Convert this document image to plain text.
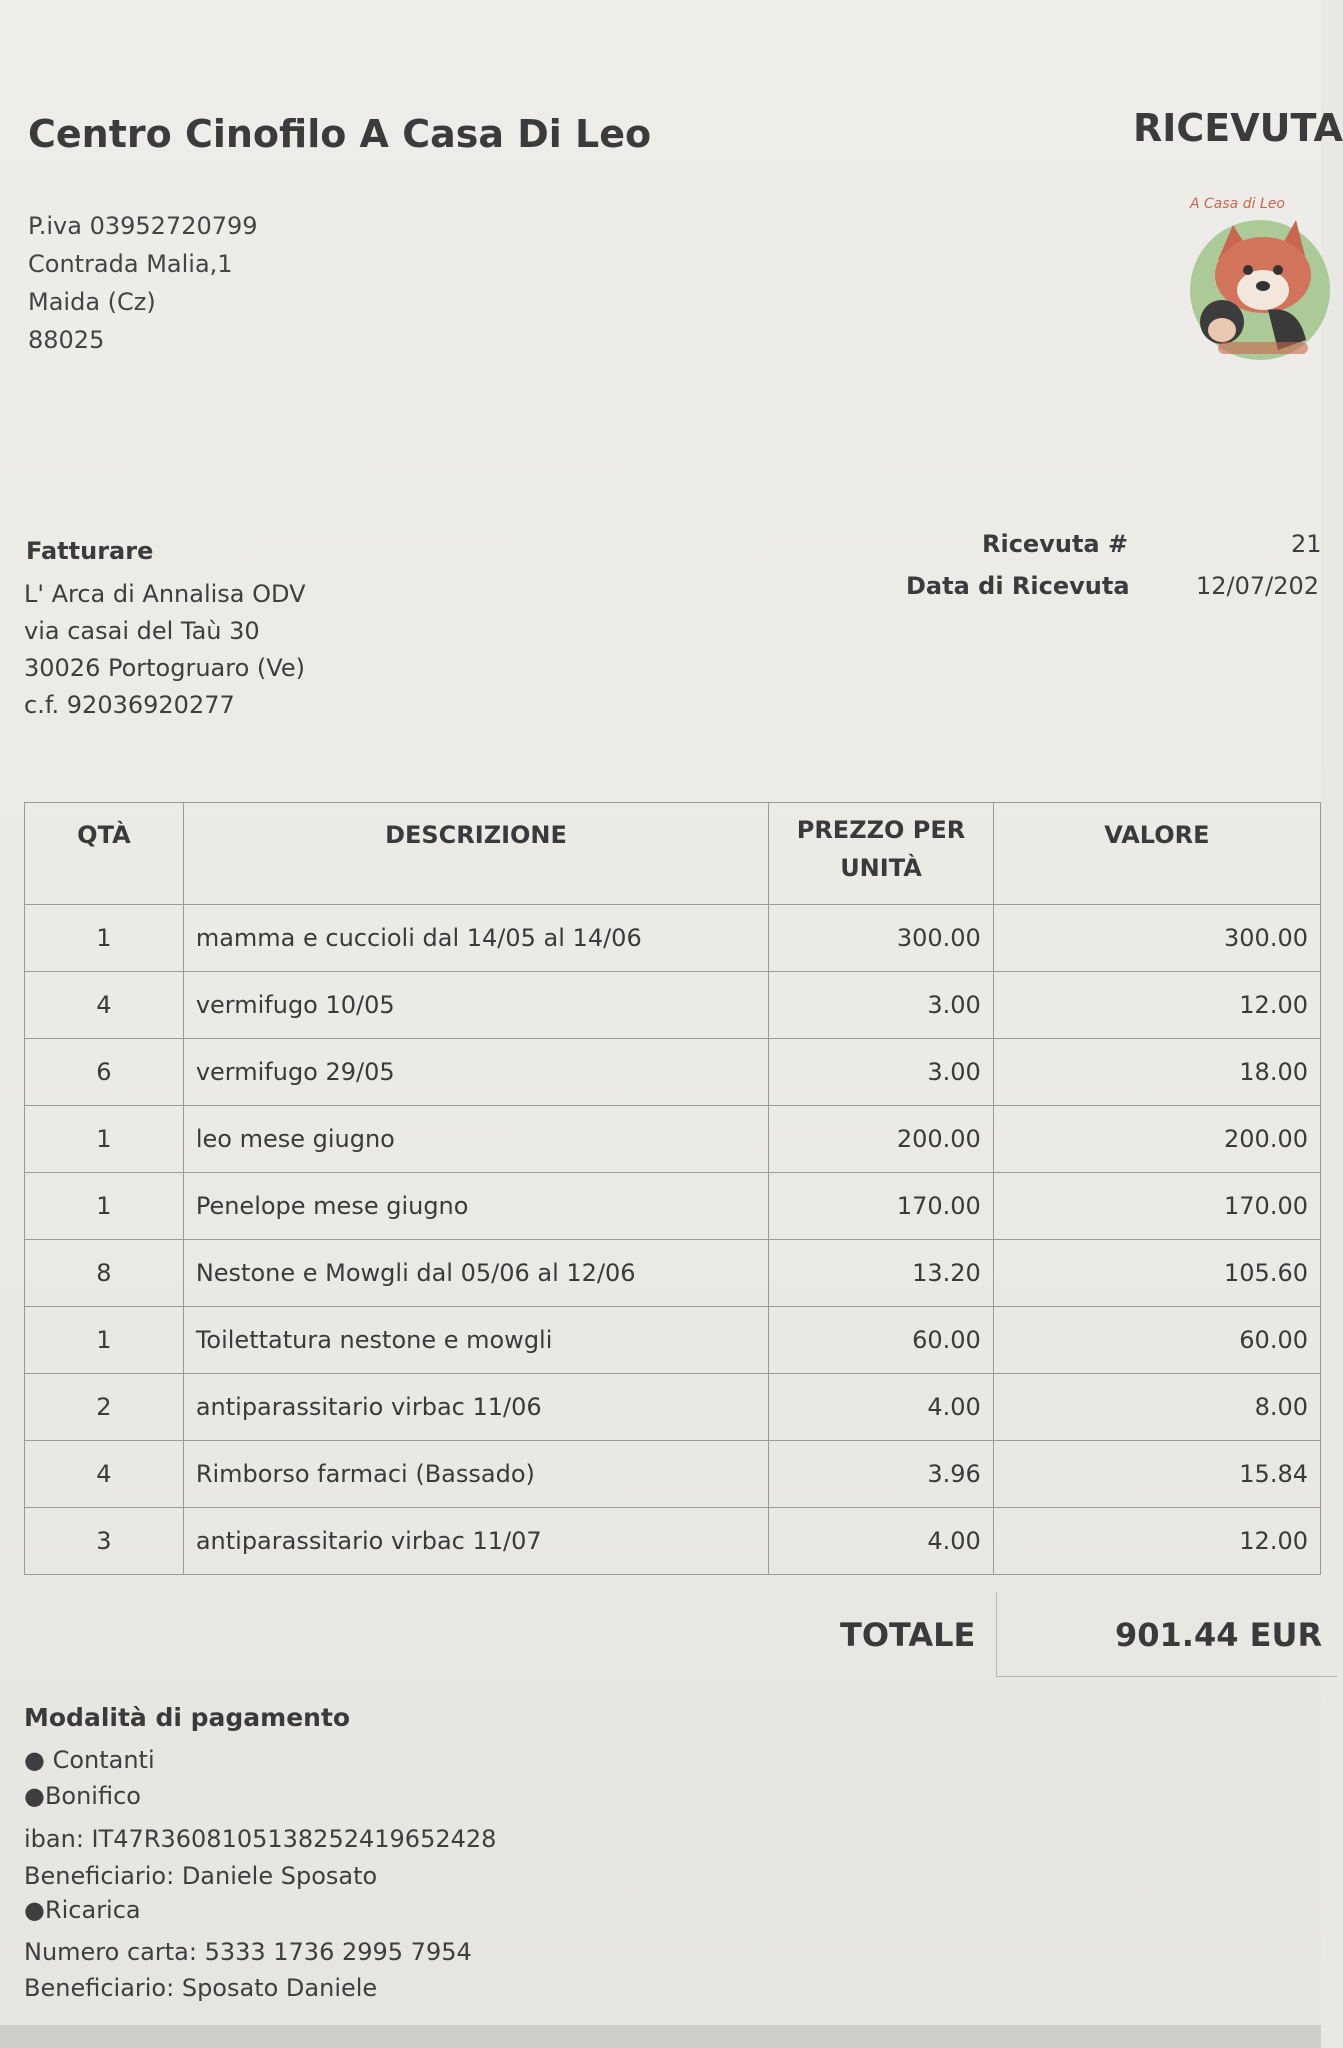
Centro Cinofilo A Casa Di Leo	RICEVUTA
P.iva 03952720799
Contrada Malia,1
Maida (Cz)
88025
A Casa di Leo
Fatturare
L' Arca di Annalisa ODV
via casai del Taù 30
30026 Portogruaro (Ve)
c.f. 92036920277
Ricevuta #	21
Data di Ricevuta	12/07/202
QTÀ	DESCRIZIONE	PREZZO PER UNITÀ	VALORE
1	mamma e cuccioli dal 14/05 al 14/06	300.00	300.00
4	vermifugo 10/05	3.00	12.00
6	vermifugo 29/05	3.00	18.00
1	leo mese giugno	200.00	200.00
1	Penelope mese giugno	170.00	170.00
8	Nestone e Mowgli dal 05/06 al 12/06	13.20	105.60
1	Toilettatura nestone e mowgli	60.00	60.00
2	antiparassitario virbac 11/06	4.00	8.00
4	Rimborso farmaci (Bassado)	3.96	15.84
3	antiparassitario virbac 11/07	4.00	12.00
TOTALE	901.44 EUR
Modalità di pagamento
● Contanti
●Bonifico
iban: IT47R3608105138252419652428
Beneficiario: Daniele Sposato
●Ricarica
Numero carta: 5333 1736 2995 7954
Beneficiario: Sposato Daniele
